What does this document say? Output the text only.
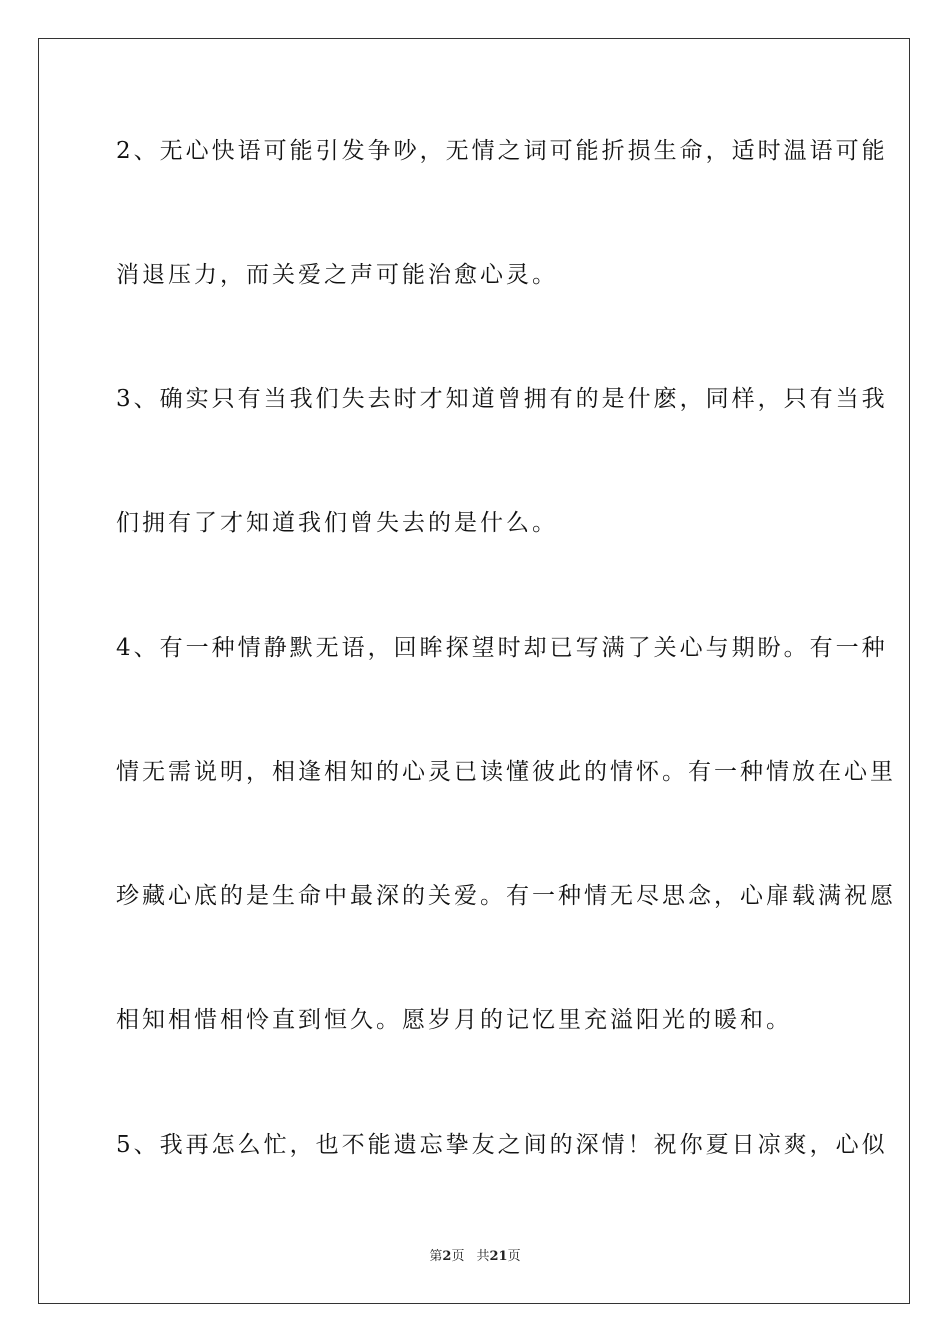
2、无心快语可能引发争吵，无情之词可能折损生命，适时温语可能
消退压力，而关爱之声可能治愈心灵。
3、确实只有当我们失去时才知道曾拥有的是什麽，同样，只有当我
们拥有了才知道我们曾失去的是什么。
4、有一种情静默无语，回眸探望时却已写满了关心与期盼。有一种
情无需说明，相逢相知的心灵已读懂彼此的情怀。有一种情放在心里
珍藏心底的是生命中最深的关爱。有一种情无尽思念，心扉载满祝愿
相知相惜相怜直到恒久。愿岁月的记忆里充溢阳光的暖和。
5、我再怎么忙，也不能遗忘挚友之间的深情！祝你夏日凉爽，心似
第2页 共21页
